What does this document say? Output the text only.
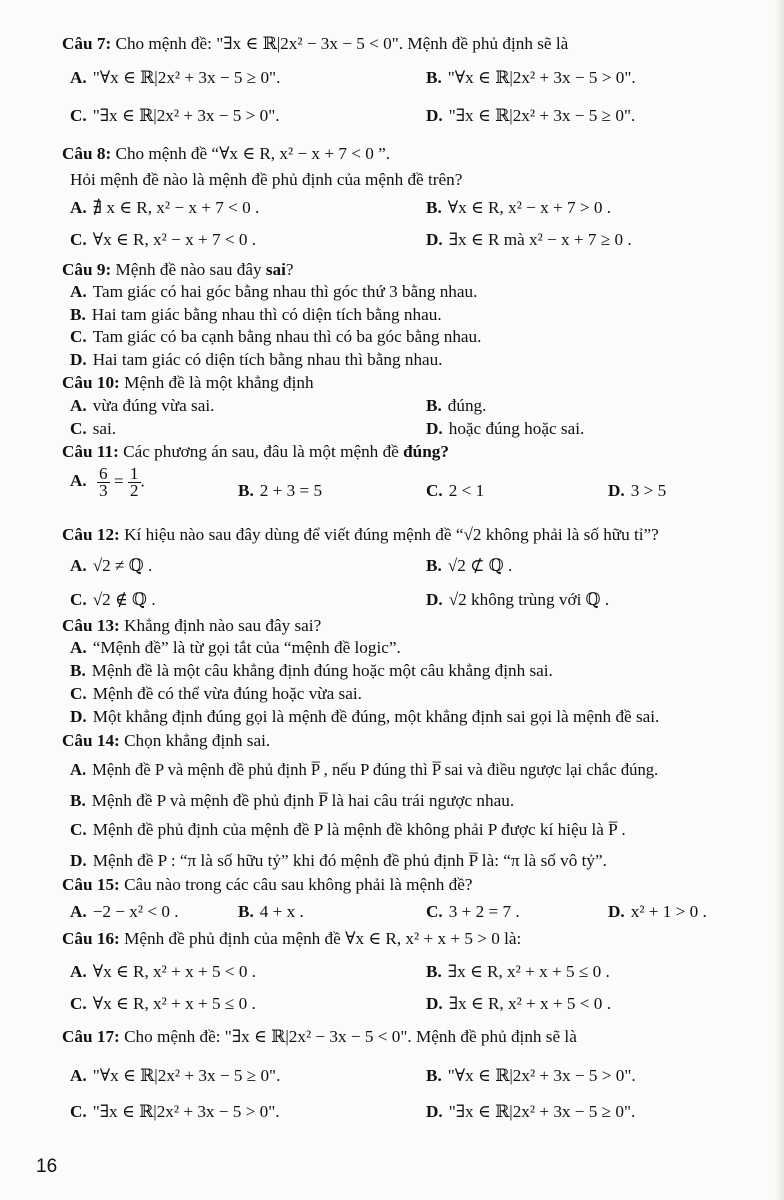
Câu 7: Cho mệnh đề: "∃x ∈ ℝ|2x² − 3x − 5 < 0". Mệnh đề phủ định sẽ là
A. "∀x ∈ ℝ|2x² + 3x − 5 ≥ 0".	B. "∀x ∈ ℝ|2x² + 3x − 5 > 0".
C. "∃x ∈ ℝ|2x² + 3x − 5 > 0".	D. "∃x ∈ ℝ|2x² + 3x − 5 ≥ 0".
Câu 8: Cho mệnh đề “∀x ∈ R, x² − x + 7 < 0 ”.
Hỏi mệnh đề nào là mệnh đề phủ định của mệnh đề trên?
A. ∄ x ∈ R, x² − x + 7 < 0 .	B. ∀x ∈ R, x² − x + 7 > 0 .
C. ∀x ∈ R, x² − x + 7 < 0 .	D. ∃x ∈ R mà x² − x + 7 ≥ 0 .
Câu 9: Mệnh đề nào sau đây sai?
A. Tam giác có hai góc bằng nhau thì góc thứ 3 bằng nhau.
B. Hai tam giác bằng nhau thì có diện tích bằng nhau.
C. Tam giác có ba cạnh bằng nhau thì có ba góc bằng nhau.
D. Hai tam giác có diện tích bằng nhau thì bằng nhau.
Câu 10: Mệnh đề là một khẳng định
A. vừa đúng vừa sai.	B. đúng.
C. sai.	D. hoặc đúng hoặc sai.
Câu 11: Các phương án sau, đâu là một mệnh đề đúng?
A. $\frac{6}{3} = \frac{1}{2}$ .
B. 2 + 3 = 5	C. 2 < 1	D. 3 > 5
Câu 12: Kí hiệu nào sau đây dùng để viết đúng mệnh đề “√2 không phải là số hữu tỉ”?
A. √2 ≠ ℚ .	B. √2 ⊄ ℚ .
C. √2 ∉ ℚ .	D. √2 không trùng với ℚ .
Câu 13: Khẳng định nào sau đây sai?
A. “Mệnh đề” là từ gọi tắt của “mệnh đề logic”.
B. Mệnh đề là một câu khẳng định đúng hoặc một câu khẳng định sai.
C. Mệnh đề có thể vừa đúng hoặc vừa sai.
D. Một khẳng định đúng gọi là mệnh đề đúng, một khẳng định sai gọi là mệnh đề sai.
Câu 14: Chọn khẳng định sai.
A. Mệnh đề P và mệnh đề phủ định P̅ , nếu P đúng thì P̅ sai và điều ngược lại chắc đúng.
B. Mệnh đề P và mệnh đề phủ định P̅ là hai câu trái ngược nhau.
C. Mệnh đề phủ định của mệnh đề P là mệnh đề không phải P được kí hiệu là P̅ .
D. Mệnh đề P : “π là số hữu tỷ” khi đó mệnh đề phủ định P̅ là: “π là số vô tỷ”.
Câu 15: Câu nào trong các câu sau không phải là mệnh đề?
A. −2 − x² < 0 .	B. 4 + x .	C. 3 + 2 = 7 .	D. x² + 1 > 0 .
Câu 16: Mệnh đề phủ định của mệnh đề ∀x ∈ R, x² + x + 5 > 0 là:
A. ∀x ∈ R, x² + x + 5 < 0 .	B. ∃x ∈ R, x² + x + 5 ≤ 0 .
C. ∀x ∈ R, x² + x + 5 ≤ 0 .	D. ∃x ∈ R, x² + x + 5 < 0 .
Câu 17: Cho mệnh đề: "∃x ∈ ℝ|2x² − 3x − 5 < 0". Mệnh đề phủ định sẽ là
A. "∀x ∈ ℝ|2x² + 3x − 5 ≥ 0".	B. "∀x ∈ ℝ|2x² + 3x − 5 > 0".
C. "∃x ∈ ℝ|2x² + 3x − 5 > 0".	D. "∃x ∈ ℝ|2x² + 3x − 5 ≥ 0".
16
